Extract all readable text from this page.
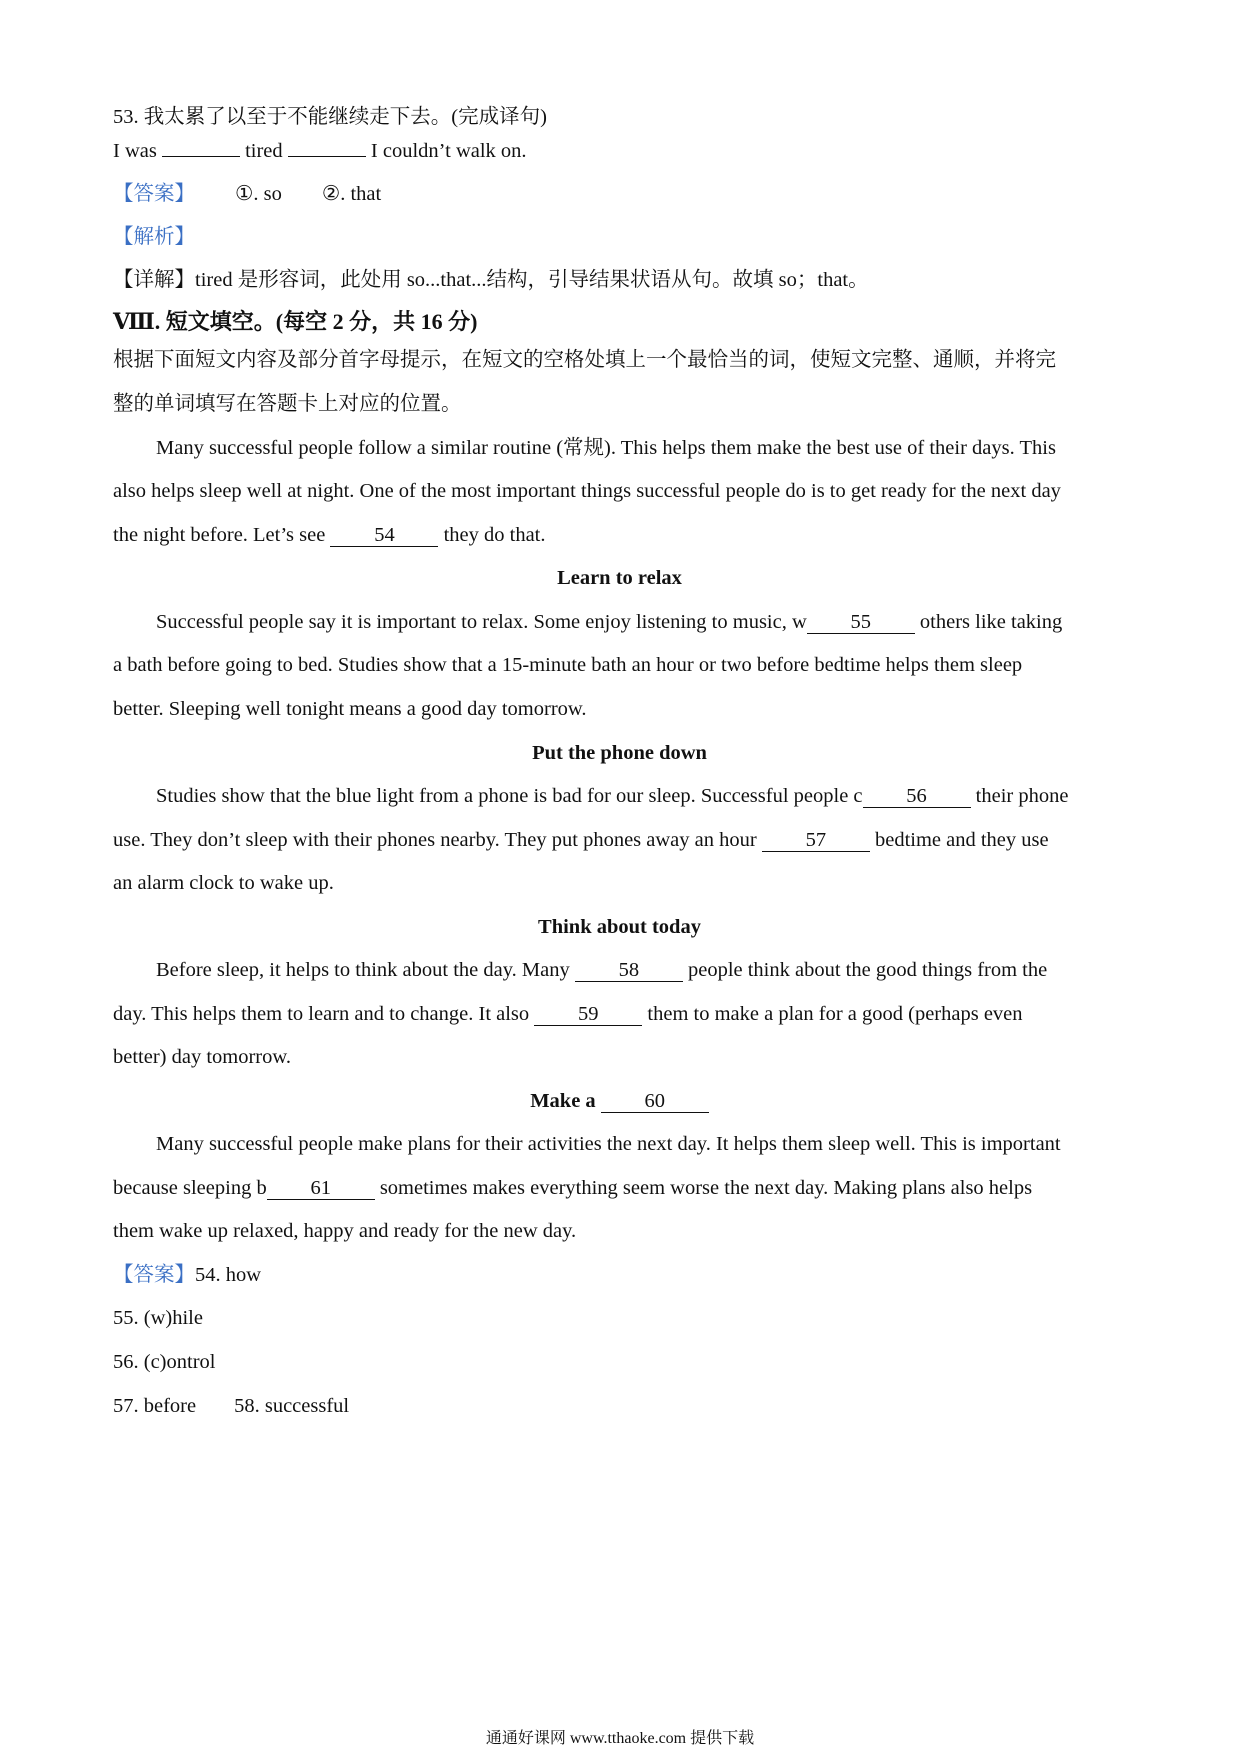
53. 我太累了以至于不能继续走下去。(完成译句)
I was	tired	I couldn’t walk on.
【答案】 ①. so ②. that
【解析】
【详解】tired 是形容词，此处用 so...that...结构，引导结果状语从句。故填 so；that。
Ⅷ. 短文填空。(每空 2 分，共 16 分)
根据下面短文内容及部分首字母提示，在短文的空格处填上一个最恰当的词，使短文完整、通顺，并将完
整的单词填写在答题卡上对应的位置。
Many successful people follow a similar routine (常规). This helps them make the best use of their days. This
also helps sleep well at night. One of the most important things successful people do is to get ready for the next day
the night before. Let’s see 54 they do that.
Learn to relax
Successful people say it is important to relax. Some enjoy listening to music, w 55 others like taking
a bath before going to bed. Studies show that a 15-minute bath an hour or two before bedtime helps them sleep
better. Sleeping well tonight means a good day tomorrow.
Put the phone down
Studies show that the blue light from a phone is bad for our sleep. Successful people c 56 their phone
use. They don’t sleep with their phones nearby. They put phones away an hour 57 bedtime and they use
an alarm clock to wake up.
Think about today
Before sleep, it helps to think about the day. Many 58 people think about the good things from the
day. This helps them to learn and to change. It also 59 them to make a plan for a good (perhaps even
better) day tomorrow.
Make a 60
Many successful people make plans for their activities the next day. It helps them sleep well. This is important
because sleeping b 61 sometimes makes everything seem worse the next day. Making plans also helps
them wake up relaxed, happy and ready for the new day.
【答案】54. how
55. (w)hile
56. (c)ontrol
57. before 58. successful
通通好课网 www.tthaoke.com 提供下载
